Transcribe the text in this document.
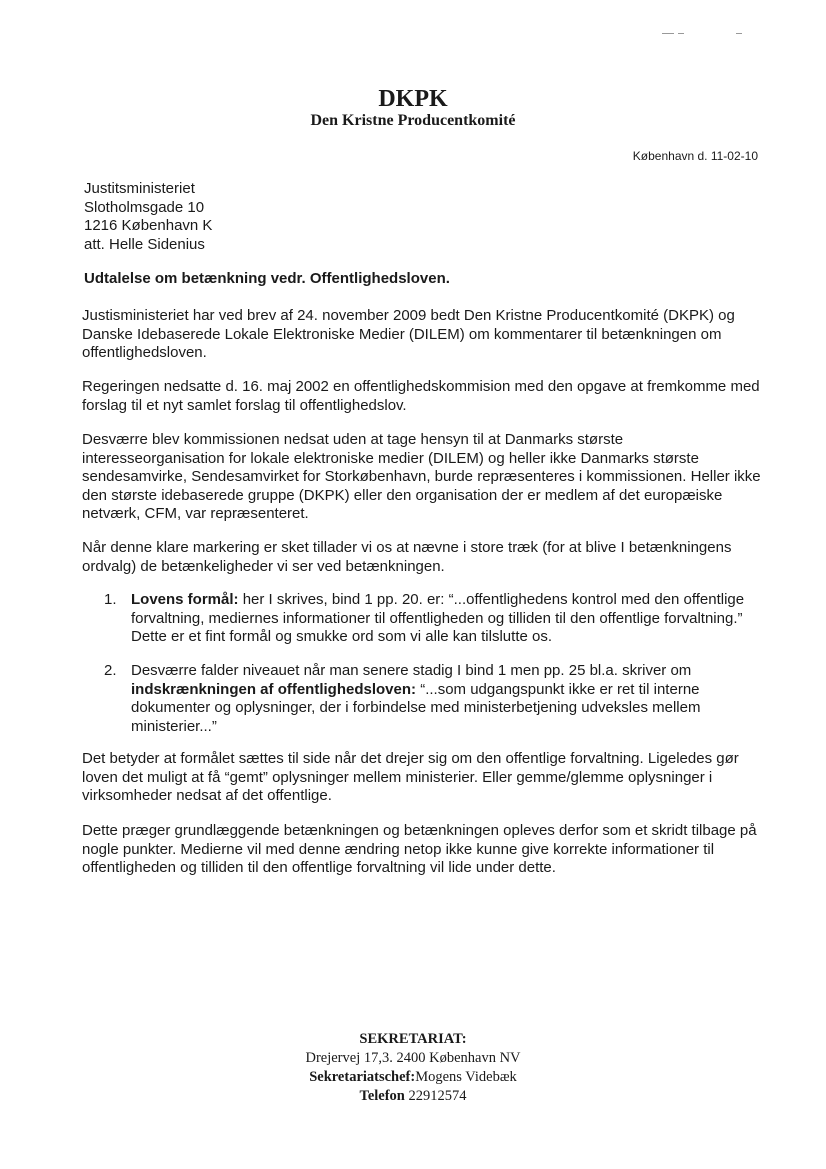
DKPK
Den Kristne Producentkomité
København d. 11-02-10
Justitsministeriet
Slotholmsgade 10
1216 København K
att. Helle Sidenius
Udtalelse om betænkning vedr. Offentlighedsloven.
Justisministeriet har ved brev af 24. november 2009 bedt Den Kristne Producentkomité (DKPK) og Danske Idebaserede Lokale Elektroniske Medier (DILEM) om kommentarer til betænkningen om offentlighedsloven.
Regeringen nedsatte d. 16. maj 2002 en offentlighedskommision med den opgave at fremkomme med forslag til et nyt samlet forslag til offentlighedslov.
Desværre blev kommissionen nedsat uden at tage hensyn til at Danmarks største interesseorganisation for lokale elektroniske medier (DILEM) og heller ikke Danmarks største sendesamvirke, Sendesamvirket for Storkøbenhavn, burde repræsenteres i kommissionen. Heller ikke den største idebaserede gruppe (DKPK) eller den organisation der er medlem af det europæiske netværk, CFM, var repræsenteret.
Når denne klare markering er sket tillader vi os at nævne i store træk (for at blive I betænkningens ordvalg) de betænkeligheder vi ser ved betænkningen.
1. Lovens formål: her I skrives, bind 1 pp. 20. er: “...offentlighedens kontrol med den offentlige forvaltning, mediernes informationer til offentligheden og tilliden til den offentlige forvaltning.” Dette er et fint formål og smukke ord som vi alle kan tilslutte os.
2. Desværre falder niveauet når man senere stadig I bind 1 men pp. 25 bl.a. skriver om indskrænkningen af offentlighedsloven: “...som udgangspunkt ikke er ret til interne dokumenter og oplysninger, der i forbindelse med ministerbetjening udveksles mellem ministerier...”
Det betyder at formålet sættes til side når det drejer sig om den offentlige forvaltning. Ligeledes gør loven det muligt at få “gemt” oplysninger mellem ministerier. Eller gemme/glemme oplysninger i virksomheder nedsat af det offentlige.
Dette præger grundlæggende betænkningen og betænkningen opleves derfor som et skridt tilbage på nogle punkter. Medierne vil med denne ændring netop ikke kunne give korrekte informationer til offentligheden og tilliden til den offentlige forvaltning vil lide under dette.
SEKRETARIAT:
Drejervej 17,3. 2400 København NV
Sekretariatschef:Mogens Videbæk
Telefon 22912574
